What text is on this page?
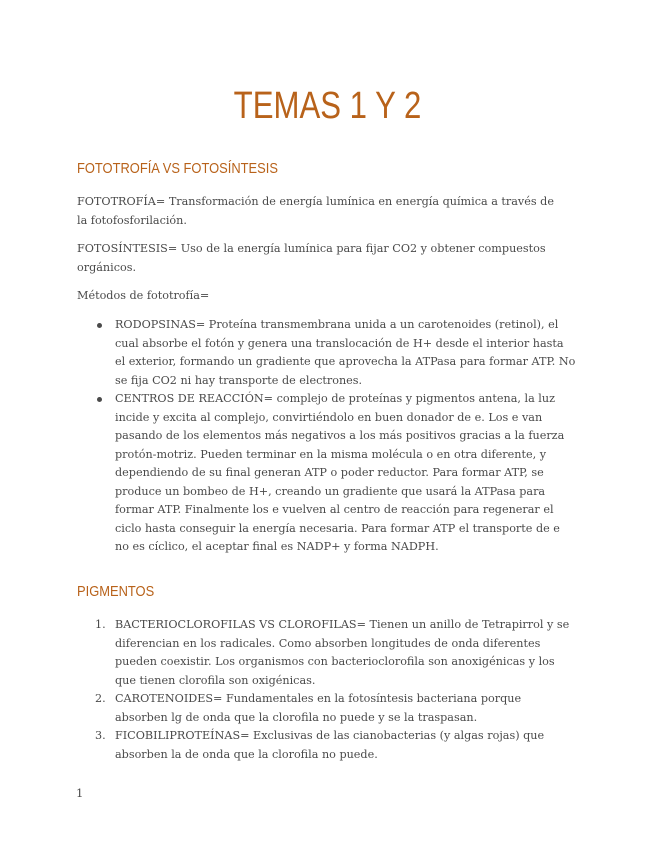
TEMAS 1 Y 2
FOTOTROFÍA VS FOTOSÍNTESIS

FOTOTROFÍA= Transformación de energía lumínica en energía química a través de la fotofosforilación.

FOTOSÍNTESIS= Uso de la energía lumínica para fijar CO2 y obtener compuestos orgánicos.

Métodos de fototrofía=

RODOPSINAS= Proteína transmembrana unida a un carotenoides (retinol), el cual absorbe el fotón y genera una translocación de H+ desde el interior hasta el exterior, formando un gradiente que aprovecha la ATPasa para formar ATP. No se fija CO2 ni hay transporte de electrones.
CENTROS DE REACCIÓN= complejo de proteínas y pigmentos antena, la luz incide y excita al complejo, convirtiéndolo en buen donador de e. Los e van pasando de los elementos más negativos a los más positivos gracias a la fuerza protón-motriz. Pueden terminar en la misma molécula o en otra diferente, y dependiendo de su final generan ATP o poder reductor. Para formar ATP, se produce un bombeo de H+, creando un gradiente que usará la ATPasa para formar ATP. Finalmente los e vuelven al centro de reacción para regenerar el ciclo hasta conseguir la energía necesaria. Para formar ATP el transporte de e no es cíclico, el aceptar final es NADP+ y forma NADPH.
PIGMENTOS
1. BACTERIOCLOROFILAS VS CLOROFILAS= Tienen un anillo de Tetrapirrol y se diferencian en los radicales. Como absorben longitudes de onda diferentes pueden coexistir. Los organismos con bacterioclorofila son anoxigénicas y los que tienen clorofila son oxigénicas.
2. CAROTENOIDES= Fundamentales en la fotosíntesis bacteriana porque absorben lg de onda que la clorofila no puede y se la traspasan.
3. FICOBILIPROTEÍNAS= Exclusivas de las cianobacterias (y algas rojas) que absorben la de onda que la clorofila no puede.
1
